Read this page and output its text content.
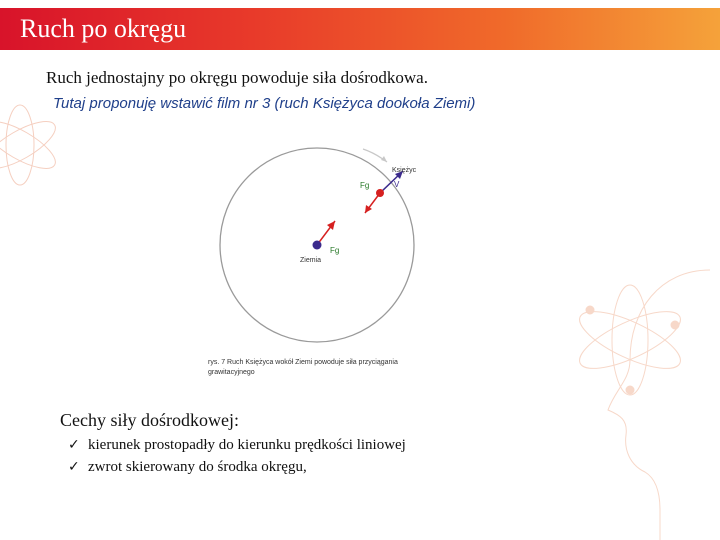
Ruch po okręgu
Ruch jednostajny po okręgu powoduje siła dośrodkowa.
Tutaj proponuję wstawić film nr 3 (ruch Księżyca dookoła Ziemi)
Księżyc
V
Fg
Fg
Ziemia
rys. 7 Ruch Księżyca wokół Ziemi powoduje siła przyciągania
grawitacyjnego
Cechy siły dośrodkowej:
✓ kierunek prostopadły do kierunku prędkości liniowej
✓ zwrot skierowany do środka okręgu,
